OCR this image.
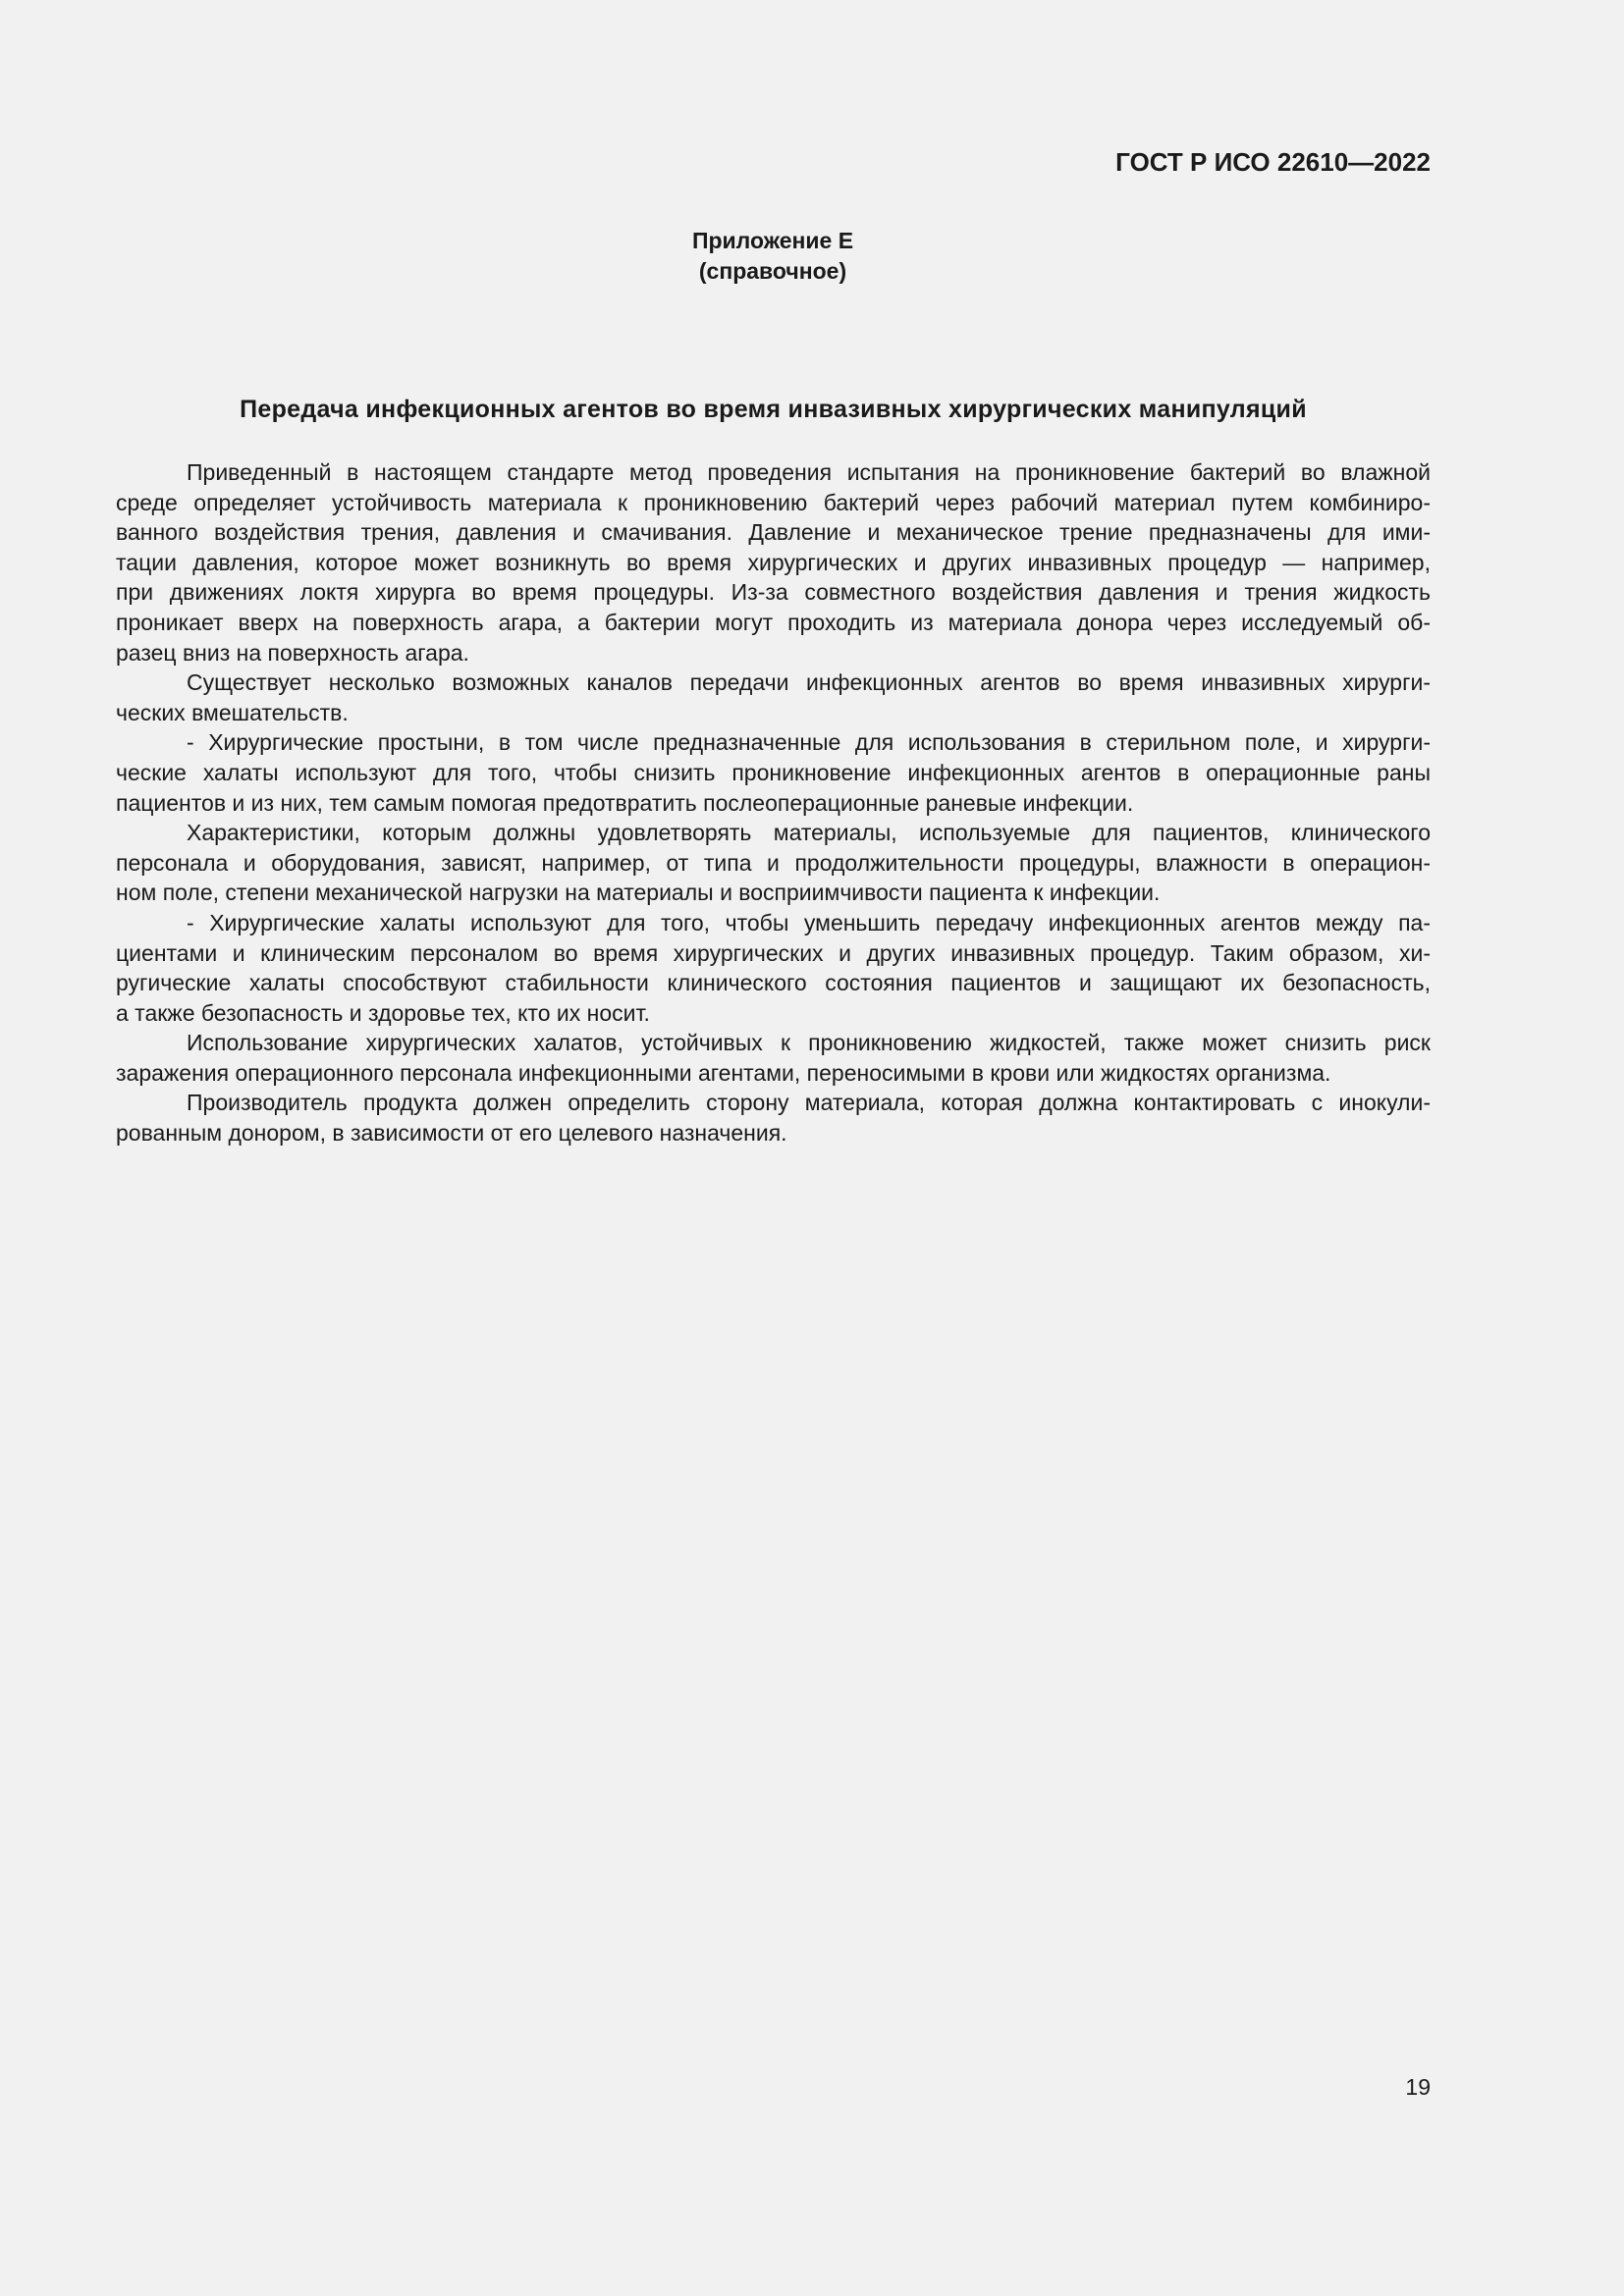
ГОСТ Р ИСО 22610—2022
Приложение Е
(справочное)
Передача инфекционных агентов во время инвазивных хирургических манипуляций
Приведенный в настоящем стандарте метод проведения испытания на проникновение бактерий во влажной
среде определяет устойчивость материала к проникновению бактерий через рабочий материал путем комбиниро-
ванного воздействия трения, давления и смачивания. Давление и механическое трение предназначены для ими-
тации давления, которое может возникнуть во время хирургических и других инвазивных процедур — например,
при движениях локтя хирурга во время процедуры. Из-за совместного воздействия давления и трения жидкость
проникает вверх на поверхность агара, а бактерии могут проходить из материала донора через исследуемый об-
разец вниз на поверхность агара.
Существует несколько возможных каналов передачи инфекционных агентов во время инвазивных хирурги-
ческих вмешательств.
- Хирургические простыни, в том числе предназначенные для использования в стерильном поле, и хирурги-
ческие халаты используют для того, чтобы снизить проникновение инфекционных агентов в операционные раны
пациентов и из них, тем самым помогая предотвратить послеоперационные раневые инфекции.
Характеристики, которым должны удовлетворять материалы, используемые для пациентов, клинического
персонала и оборудования, зависят, например, от типа и продолжительности процедуры, влажности в операцион-
ном поле, степени механической нагрузки на материалы и восприимчивости пациента к инфекции.
- Хирургические халаты используют для того, чтобы уменьшить передачу инфекционных агентов между па-
циентами и клиническим персоналом во время хирургических и других инвазивных процедур. Таким образом, хи-
ругические халаты способствуют стабильности клинического состояния пациентов и защищают их безопасность,
а также безопасность и здоровье тех, кто их носит.
Использование хирургических халатов, устойчивых к проникновению жидкостей, также может снизить риск
заражения операционного персонала инфекционными агентами, переносимыми в крови или жидкостях организма.
Производитель продукта должен определить сторону материала, которая должна контактировать с инокули-
рованным донором, в зависимости от его целевого назначения.
19
